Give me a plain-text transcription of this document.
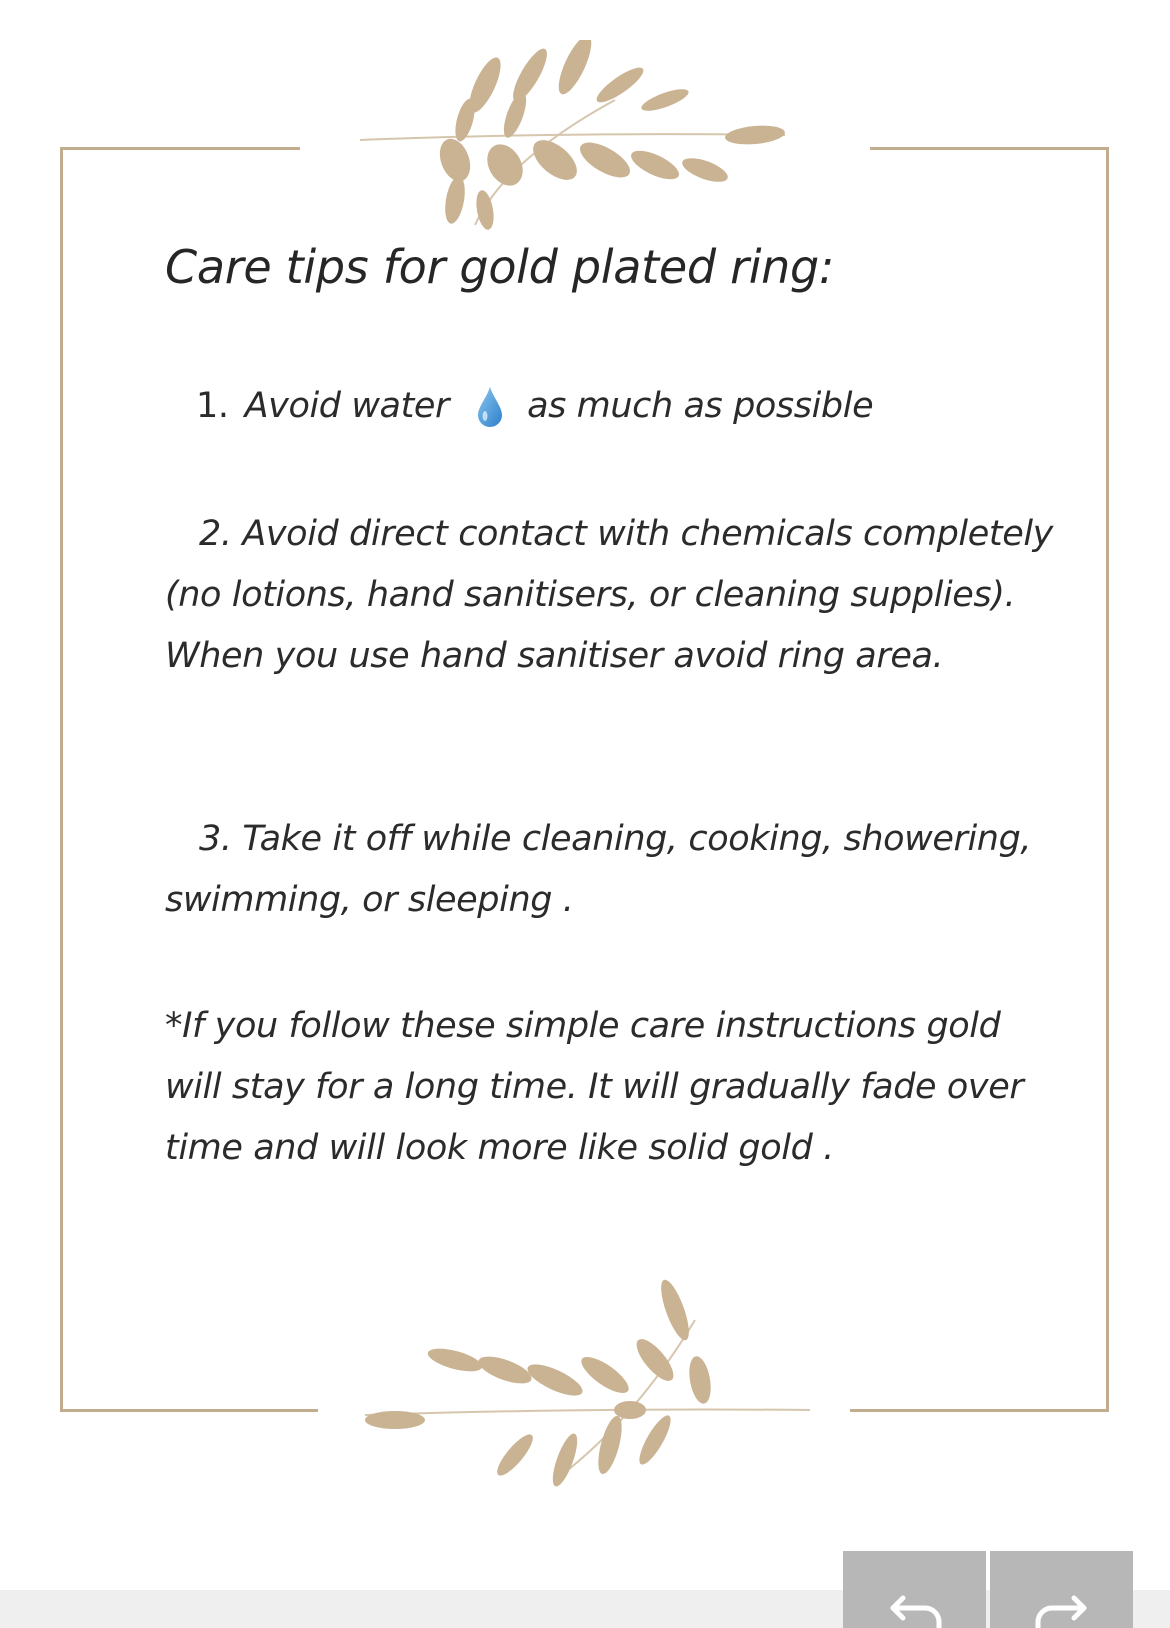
Care tips for gold plated ring:
1. Avoid water as much as possible

2. Avoid direct contact with chemicals completely (no lotions, hand sanitisers, or cleaning supplies). When you use hand sanitiser avoid ring area.

3. Take it off while cleaning, cooking, showering, swimming, or sleeping .

*If you follow these simple care instructions gold will stay for a long time. It will gradually fade over time and will look more like solid gold .
